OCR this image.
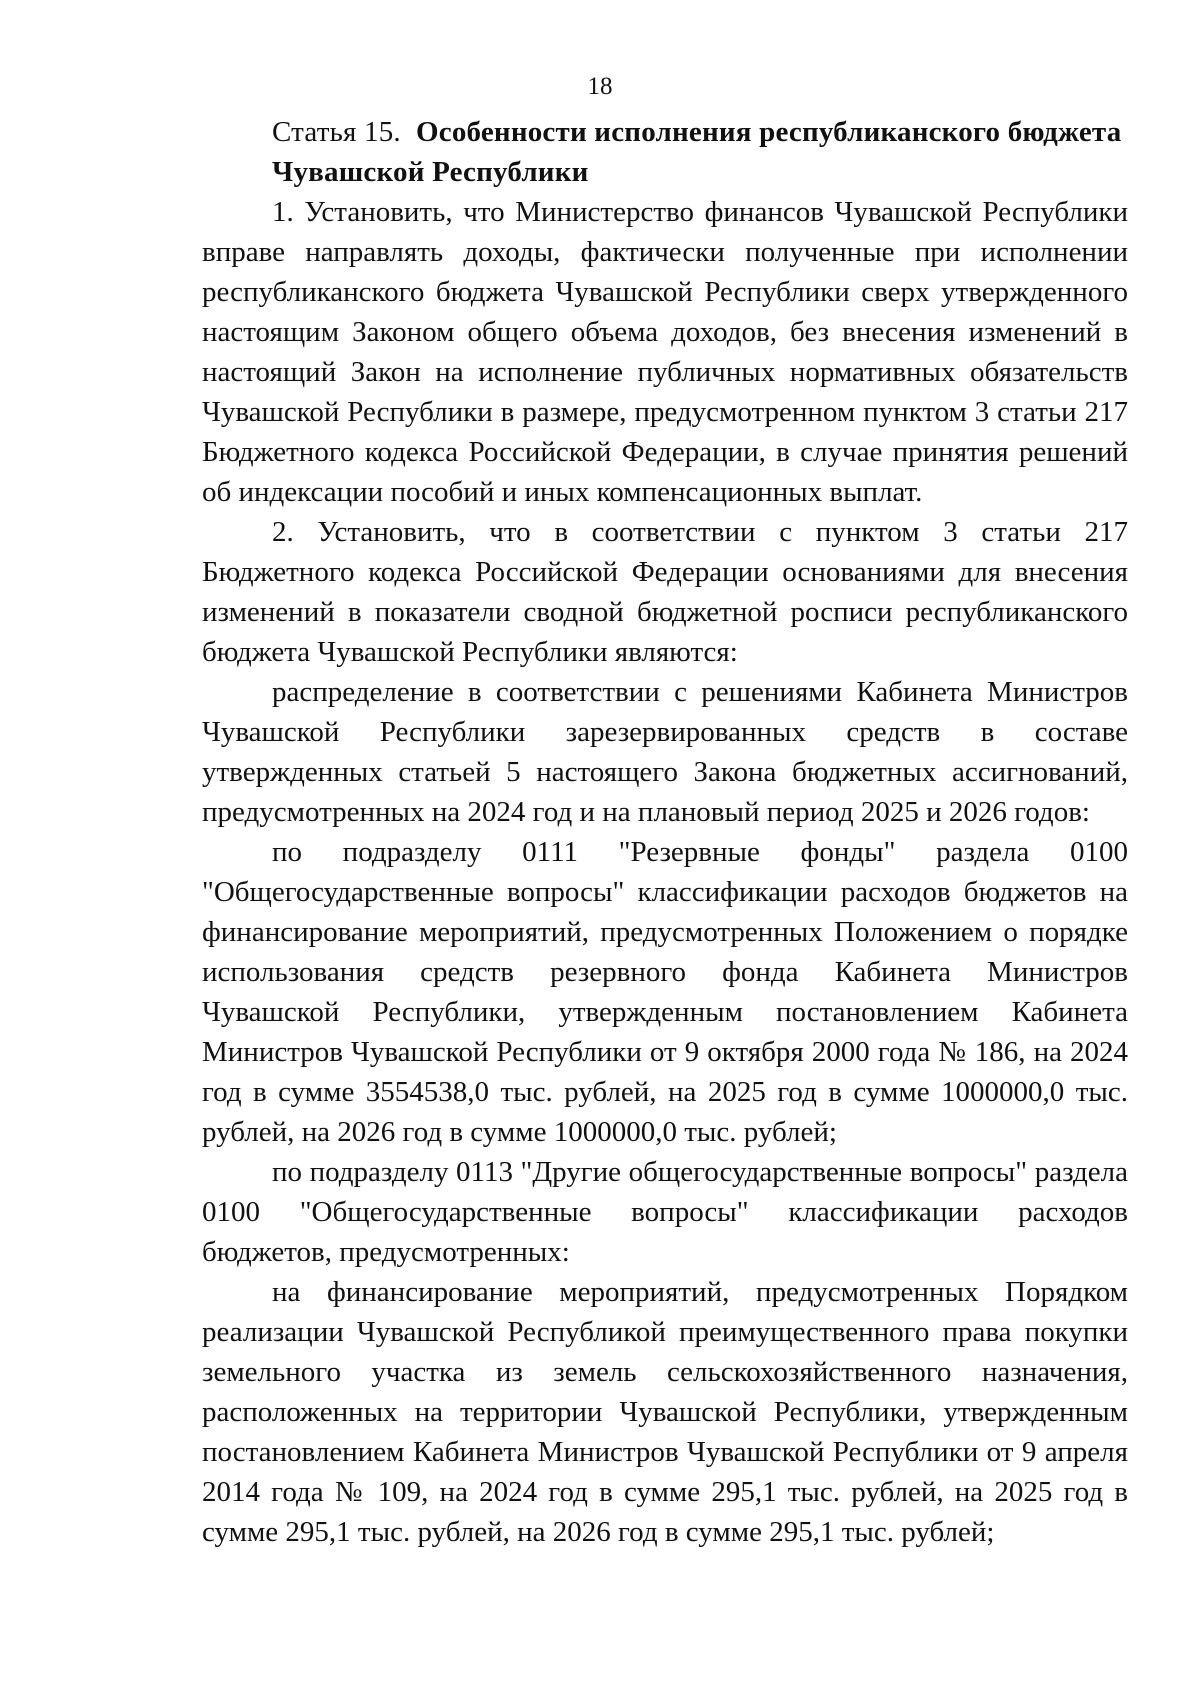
18
Статья 15. Особенности исполнения республиканского бюджета Чувашской Республики

1. Установить, что Министерство финансов Чувашской Республики вправе направлять доходы, фактически полученные при исполнении республиканского бюджета Чувашской Республики сверх утвержденного настоящим Законом общего объема доходов, без внесения изменений в настоящий Закон на исполнение публичных нормативных обязательств Чувашской Республики в размере, предусмотренном пунктом 3 статьи 217 Бюджетного кодекса Российской Федерации, в случае принятия решений об индексации пособий и иных компенсационных выплат.

2. Установить, что в соответствии с пунктом 3 статьи 217 Бюджетного кодекса Российской Федерации основаниями для внесения изменений в показатели сводной бюджетной росписи республиканского бюджета Чувашской Республики являются:

распределение в соответствии с решениями Кабинета Министров Чувашской Республики зарезервированных средств в составе утвержденных статьей 5 настоящего Закона бюджетных ассигнований, предусмотренных на 2024 год и на плановый период 2025 и 2026 годов:

по подразделу 0111 "Резервные фонды" раздела 0100 "Общегосударственные вопросы" классификации расходов бюджетов на финансирование мероприятий, предусмотренных Положением о порядке использования средств резервного фонда Кабинета Министров Чувашской Республики, утвержденным постановлением Кабинета Министров Чувашской Республики от 9 октября 2000 года № 186, на 2024 год в сумме 3554538,0 тыс. рублей, на 2025 год в сумме 1000000,0 тыс. рублей, на 2026 год в сумме 1000000,0 тыс. рублей;

по подразделу 0113 "Другие общегосударственные вопросы" раздела 0100 "Общегосударственные вопросы" классификации расходов бюджетов, предусмотренных:

на финансирование мероприятий, предусмотренных Порядком реализации Чувашской Республикой преимущественного права покупки земельного участка из земель сельскохозяйственного назначения, расположенных на территории Чувашской Республики, утвержденным постановлением Кабинета Министров Чувашской Республики от 9 апреля 2014 года № 109, на 2024 год в сумме 295,1 тыс. рублей, на 2025 год в сумме 295,1 тыс. рублей, на 2026 год в сумме 295,1 тыс. рублей;
